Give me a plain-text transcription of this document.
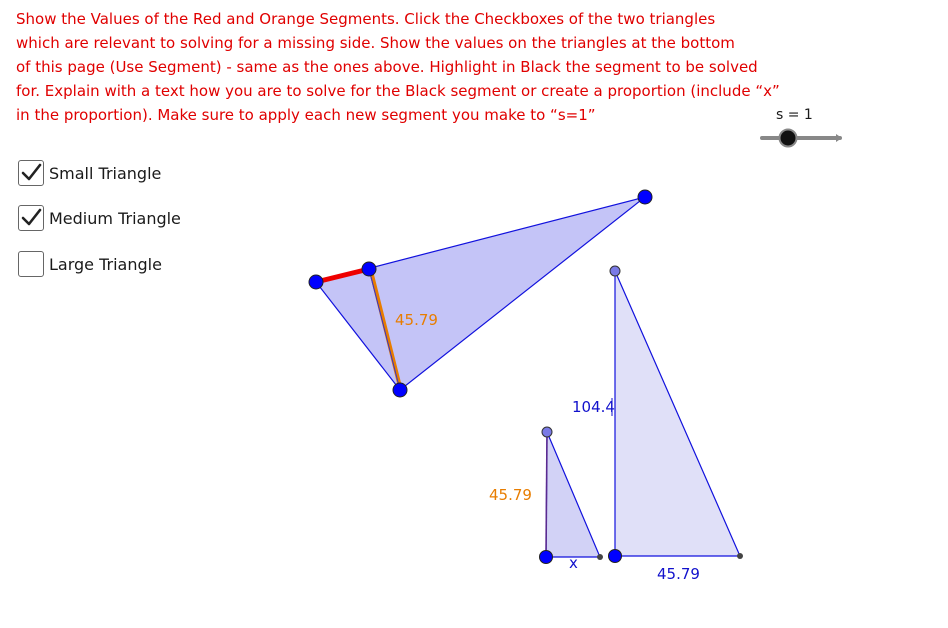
Show the Values of the Red and Orange Segments. Click the Checkboxes of the two triangles
which are relevant to solving for a missing side. Show the values on the triangles at the bottom
of this page (Use Segment) - same as the ones above. Highlight in Black the segment to be solved
for. Explain with a text how you are to solve for the Black segment or create a proportion (include “x”
in the proportion). Make sure to apply each new segment you make to “s=1”
Small Triangle
Medium Triangle
Large Triangle
s = 1
45.79
104.4
45.79
45.79
x
